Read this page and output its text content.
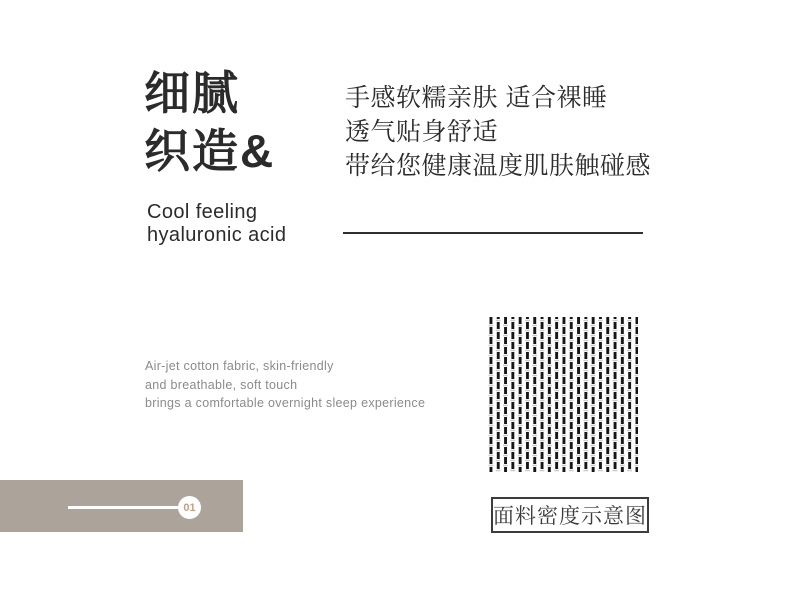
细腻
织造&
Cool feeling
hyaluronic acid
手感软糯亲肤 适合裸睡
透气贴身舒适
带给您健康温度肌肤触碰感
Air-jet cotton fabric, skin-friendly
and breathable, soft touch
brings a comfortable overnight sleep experience
面料密度示意图
01
